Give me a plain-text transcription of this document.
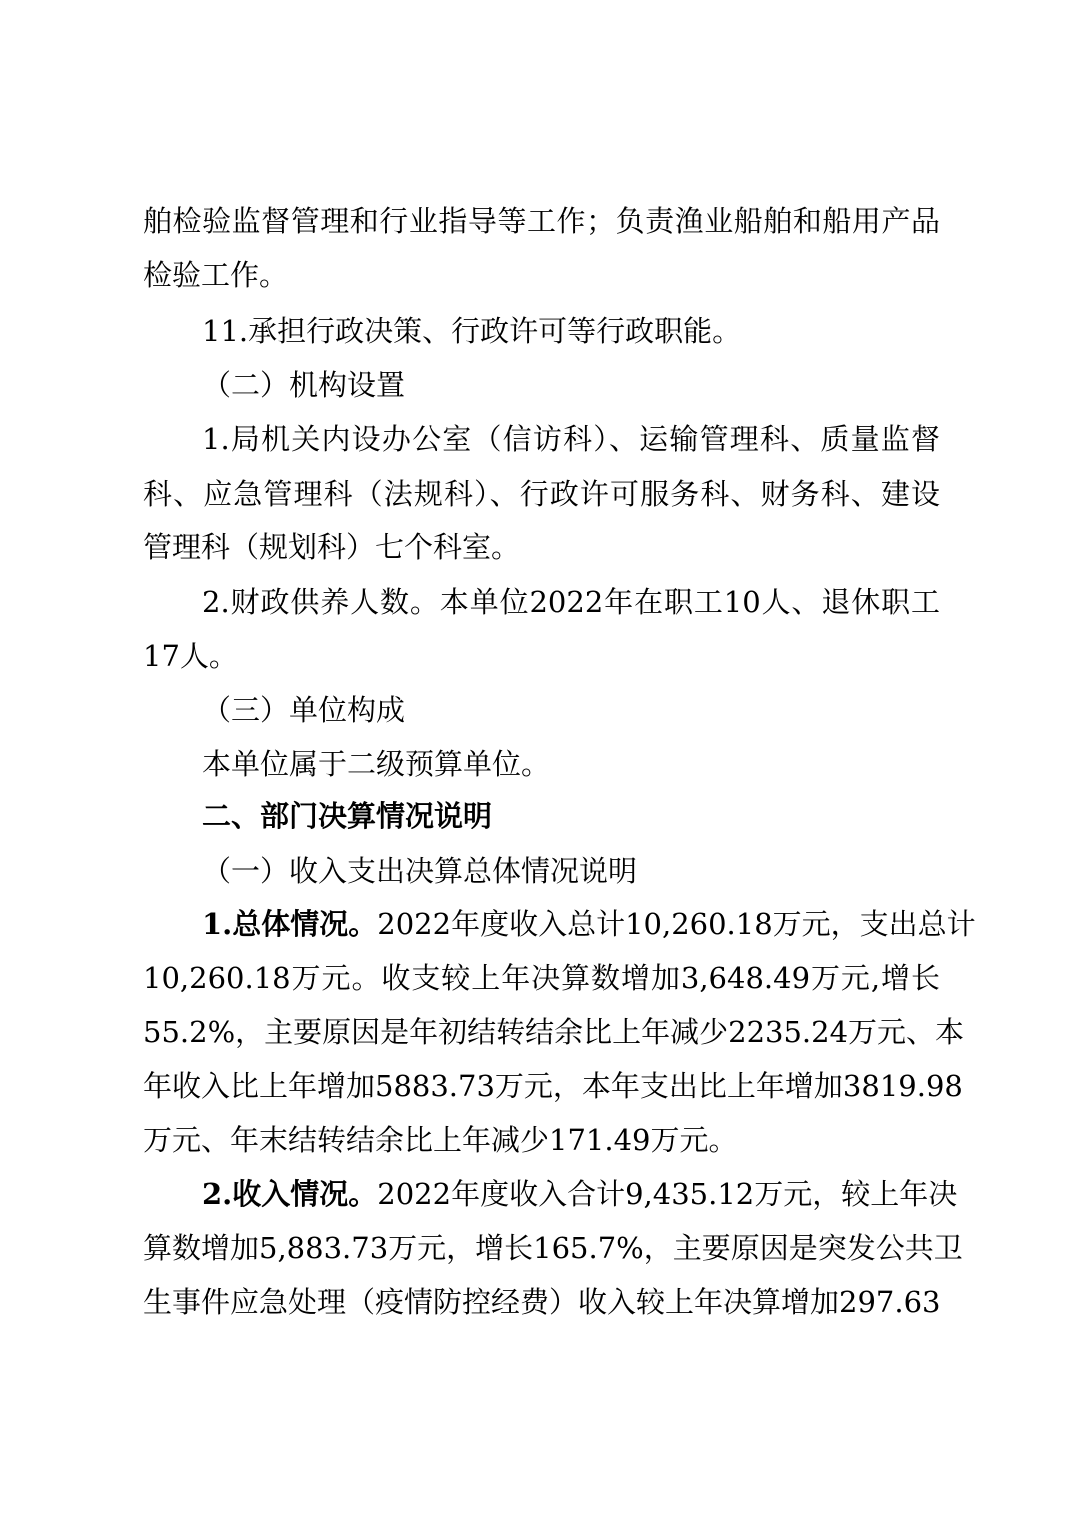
舶检验监督管理和行业指导等工作；负责渔业船舶和船用产品
检验工作。
11.承担行政决策、行政许可等行政职能。
（二）机构设置
1.局机关内设办公室（信访科）、运输管理科、质量监督
科、应急管理科（法规科）、行政许可服务科、财务科、建设
管理科（规划科）七个科室。
2.财政供养人数。本单位2022年在职工10人、退休职工
17人。
（三）单位构成
本单位属于二级预算单位。
二、部门决算情况说明
（一）收入支出决算总体情况说明
1.总体情况。2022年度收入总计10,260.18万元，支出总计
10,260.18万元。收支较上年决算数增加3,648.49万元,增长
55.2%，主要原因是年初结转结余比上年减少2235.24万元、本
年收入比上年增加5883.73万元，本年支出比上年增加3819.98
万元、年末结转结余比上年减少171.49万元。
2.收入情况。2022年度收入合计9,435.12万元，较上年决
算数增加5,883.73万元，增长165.7%，主要原因是突发公共卫
生事件应急处理（疫情防控经费）收入较上年决算增加297.63
